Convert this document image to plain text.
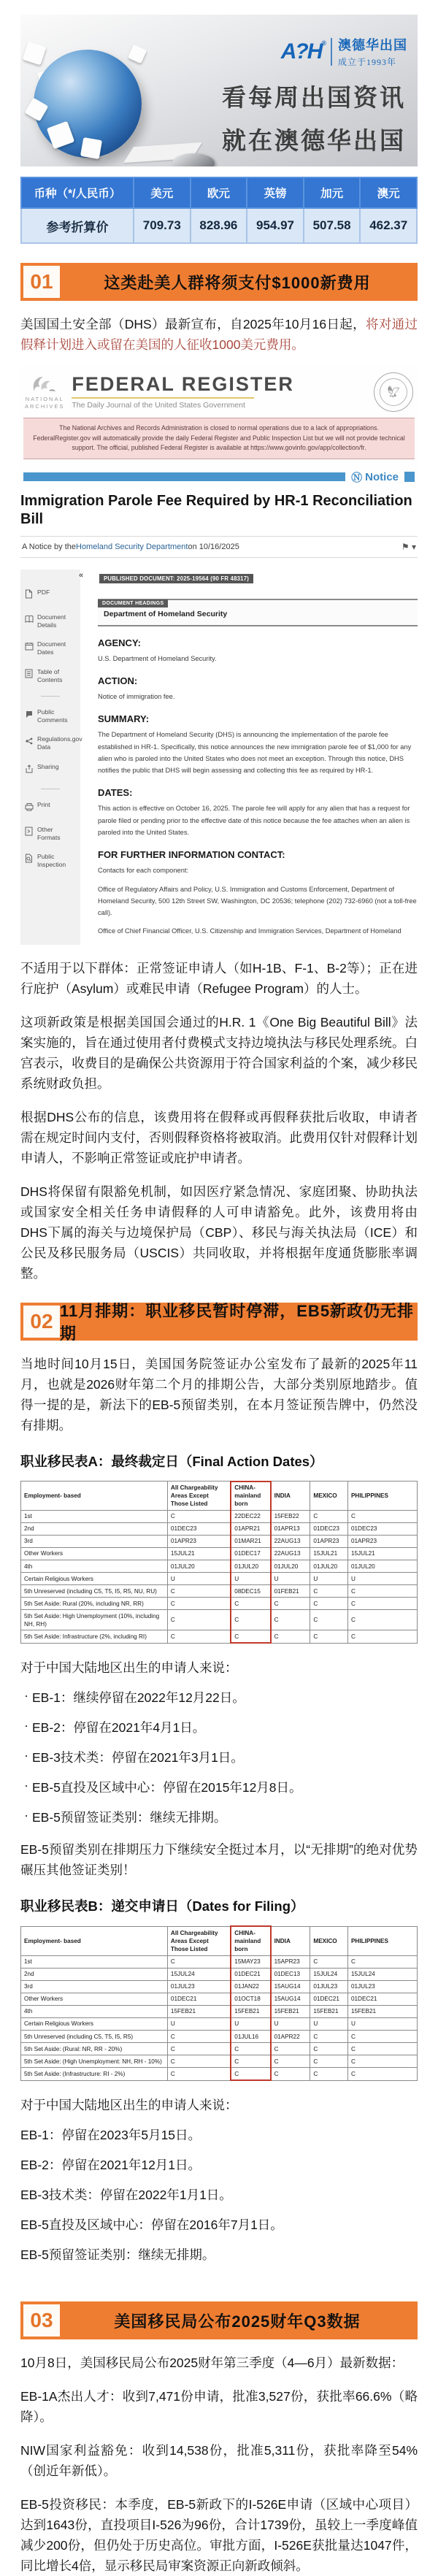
A?H® 澳德华出国
成立于1993年
看每周出国资讯
就在澳德华出国
币种（*/人民币）	美元	欧元	英镑	加元	澳元
参考折算价	709.73	828.96	954.97	507.58	462.37
01	这类赴美人群将须支付$1000新费用

美国国土安全部（DHS）最新宣布，自2025年10月16日起，将对通过假释计划进入或留在美国的人征收1000美元费用。

NATIONAL
ARCHIVES
FEDERAL REGISTER
The Daily Journal of the United States Government
🦅︎
The National Archives and Records Administration is closed to normal operations due to a lack of appropriations. FederalRegister.gov will automatically provide the daily Federal Register and Public Inspection List but we will not provide technical support. The official, published Federal Register is available at https://www.govinfo.gov/app/collection/fr.
Ⓝ Notice
Immigration Parole Fee Required by HR-1 Reconciliation Bill
A Notice by the Homeland Security Department on 10/16/2025	⚑ ▾
PDF
Document Details
Document Dates
Table of Contents
Public Comments
Regulations.gov Data
Sharing
Print
Other Formats
Public Inspection
«	PUBLISHED DOCUMENT: 2025-19564 (90 FR 48317)
DOCUMENT HEADINGS
Department of Homeland Security
AGENCY:

U.S. Department of Homeland Security.

ACTION:

Notice of immigration fee.

SUMMARY:

The Department of Homeland Security (DHS) is announcing the implementation of the parole fee established in HR-1. Specifically, this notice announces the new immigration parole fee of $1,000 for any alien who is paroled into the United States who does not meet an exception. Through this notice, DHS notifies the public that DHS will begin assessing and collecting this fee as required by HR-1.

DATES:

This action is effective on October 16, 2025. The parole fee will apply for any alien that has a request for parole filed or pending prior to the effective date of this notice because the fee attaches when an alien is paroled into the United States.

FOR FURTHER INFORMATION CONTACT:

Contacts for each component:

Office of Regulatory Affairs and Policy, U.S. Immigration and Customs Enforcement, Department of Homeland Security, 500 12th Street SW, Washington, DC 20536; telephone (202) 732-6960 (not a toll-free call).

Office of Chief Financial Officer, U.S. Citizenship and Immigration Services, Department of Homeland

不适用于以下群体：正常签证申请人（如H-1B、F-1、B-2等）；正在进行庇护（Asylum）或难民申请（Refugee Program）的人士。

这项新政策是根据美国国会通过的H.R. 1《One Big Beautiful Bill》法案实施的，旨在通过使用者付费模式支持边境执法与移民处理系统。白宫表示，收费目的是确保公共资源用于符合国家利益的个案，减少移民系统财政负担。

根据DHS公布的信息，该费用将在假释或再假释获批后收取，申请者需在规定时间内支付，否则假释资格将被取消。此费用仅针对假释计划申请人，不影响正常签证或庇护申请者。

DHS将保留有限豁免机制，如因医疗紧急情况、家庭团聚、协助执法或国家安全相关任务申请假释的人可申请豁免。此外，该费用将由DHS下属的海关与边境保护局（CBP）、移民与海关执法局（ICE）和公民及移民服务局（USCIS）共同收取，并将根据年度通货膨胀率调整。

02 11月排期：职业移民暂时停滞，EB5新政仍无排期

当地时间10月15日，美国国务院签证办公室发布了最新的2025年11月，也就是2026财年第二个月的排期公告，大部分类别原地踏步。值得一提的是，新法下的EB-5预留类别，在本月签证预告牌中，仍然没有排期。

职业移民表A：最终裁定日（Final Action Dates）
Employment- based	All Chargeability Areas Except Those Listed	CHINA- mainland born	INDIA	MEXICO	PHILIPPINES
1st	C	22DEC22	15FEB22	C	C
2nd	01DEC23	01APR21	01APR13	01DEC23	01DEC23
3rd	01APR23	01MAR21	22AUG13	01APR23	01APR23
Other Workers	15JUL21	01DEC17	22AUG13	15JUL21	15JUL21
4th	01JUL20	01JUL20	01JUL20	01JUL20	01JUL20
Certain Religious Workers	U	U	U	U	U
5th Unreserved (including C5, T5, I5, R5, NU, RU)	C	08DEC15	01FEB21	C	C
5th Set Aside: Rural (20%, including NR, RR)	C	C	C	C	C
5th Set Aside: High Unemployment (10%, including NH, RH)	C	C	C	C	C
5th Set Aside: Infrastructure (2%, including RI)	C	C	C	C	C
对于中国大陆地区出生的申请人来说：
· EB-1：继续停留在2022年12月22日。
· EB-2：停留在2021年4月1日。
· EB-3技术类：停留在2021年3月1日。
· EB-5直投及区域中心：停留在2015年12月8日。
· EB-5预留签证类别：继续无排期。

EB-5预留类别在排期压力下继续安全挺过本月，以“无排期”的绝对优势碾压其他签证类别！

职业移民表B：递交申请日（Dates for Filing）
Employment- based	All Chargeability Areas Except Those Listed	CHINA- mainland born	INDIA	MEXICO	PHILIPPINES
1st	C	15MAY23	15APR23	C	C
2nd	15JUL24	01DEC21	01DEC13	15JUL24	15JUL24
3rd	01JUL23	01JAN22	15AUG14	01JUL23	01JUL23
Other Workers	01DEC21	01OCT18	15AUG14	01DEC21	01DEC21
4th	15FEB21	15FEB21	15FEB21	15FEB21	15FEB21
Certain Religious Workers	U	U	U	U	U
5th Unreserved (including C5, T5, I5, R5)	C	01JUL16	01APR22	C	C
5th Set Aside: (Rural: NR, RR - 20%)	C	C	C	C	C
5th Set Aside: (High Unemployment: NH, RH - 10%)	C	C	C	C	C
5th Set Aside: (Infrastructure: RI - 2%)	C	C	C	C	C
对于中国大陆地区出生的申请人来说：
EB-1：停留在2023年5月15日。
EB-2：停留在2021年12月1日。
EB-3技术类：停留在2022年1月1日。
EB-5直投及区域中心：停留在2016年7月1日。
EB-5预留签证类别：继续无排期。
03	美国移民局公布2025财年Q3数据

10月8日，美国移民局公布2025财年第三季度（4—6月）最新数据：

EB-1A杰出人才：收到7,471份申请，批准3,527份，获批率66.6%（略降）。

NIW国家利益豁免：收到14,538份，批准5,311份，获批率降至54%（创近年新低）。

EB-5投资移民：本季度，EB-5新政下的I-526E申请（区域中心项目）达到1643份，直投项目I-526为96份，合计1739份，虽较上一季度峰值减少200份，但仍处于历史高位。审批方面，I-526E获批量达1047件，同比增长4倍，显示移民局审案资源正向新政倾斜。
